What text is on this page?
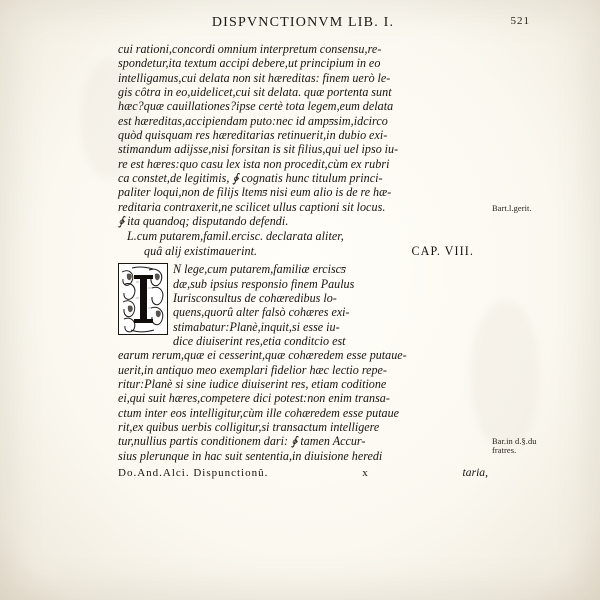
DISPVNCTIONVM LIB. I.	521

cui rationi,concordi omnium interpretum consensu,re-
spondetur,ita textum accipi debere,ut principium in eo
intelligamus,cui delata non sit hæreditas: finem uerò le-
gis côtra in eo,uidelicet,cui sit delata. quæ portenta sunt
hæc?quæ cauillationes?ipse certè tota legem,eum delata
est hæreditas,accipiendam puto:nec id ampƽsim,idcirco
quòd quisquam res hæreditarias retinuerit,in dubio exi-
stimandum adijsse,nisi forsitan is sit filius,qui uel ipso iu-
re est hæres:quo casu lex ista non procedit,cùm ex rubri
ca constet,de legitimis, ∳ cognatis hunc titulum princi-
paliter loqui,non de filijs ltemƽ nisi eum alio is de re hæ-
reditaria contraxerit,ne scilicet ullus captioni sit locus.
∳ ita quandoq; disputando defendi.

L.cum putarem,famil.ercisc. declarata aliter,
quâ alij existimauerint.	CAP. VIII.
N lege,cum putarem,familiæ erciscƽ
dæ,sub ipsius responsio finem Paulus
Iurisconsultus de cohæredibus lo-
quens,quorû alter falsò cohæres exi-
stimabatur:Planè,inquit,si esse iu-
dice diuiserint res,etia conditcio est
earum rerum,quæ ei cesserint,quæ cohæredem esse putaue-
uerit,in antiquo meo exemplari fidelior hæc lectio repe-
ritur:Planè si sine iudice diuiserint res, etiam coditione
ei,qui suit hæres,competere dici potest:non enim transa-
ctum inter eos intelligitur,cùm ille cohæredem esse putaue
rit,ex quibus uerbis colligitur,si transactum intelligere
tur,nullius partis conditionem dari: ∳ tamen Accur-
sius plerunque in hac suit sententia,in diuisione heredi
Do.And.Alci. Dispunctionû.	x	taria,
Bart.l.gerit.
Bar.in d.§.du
fratres.
